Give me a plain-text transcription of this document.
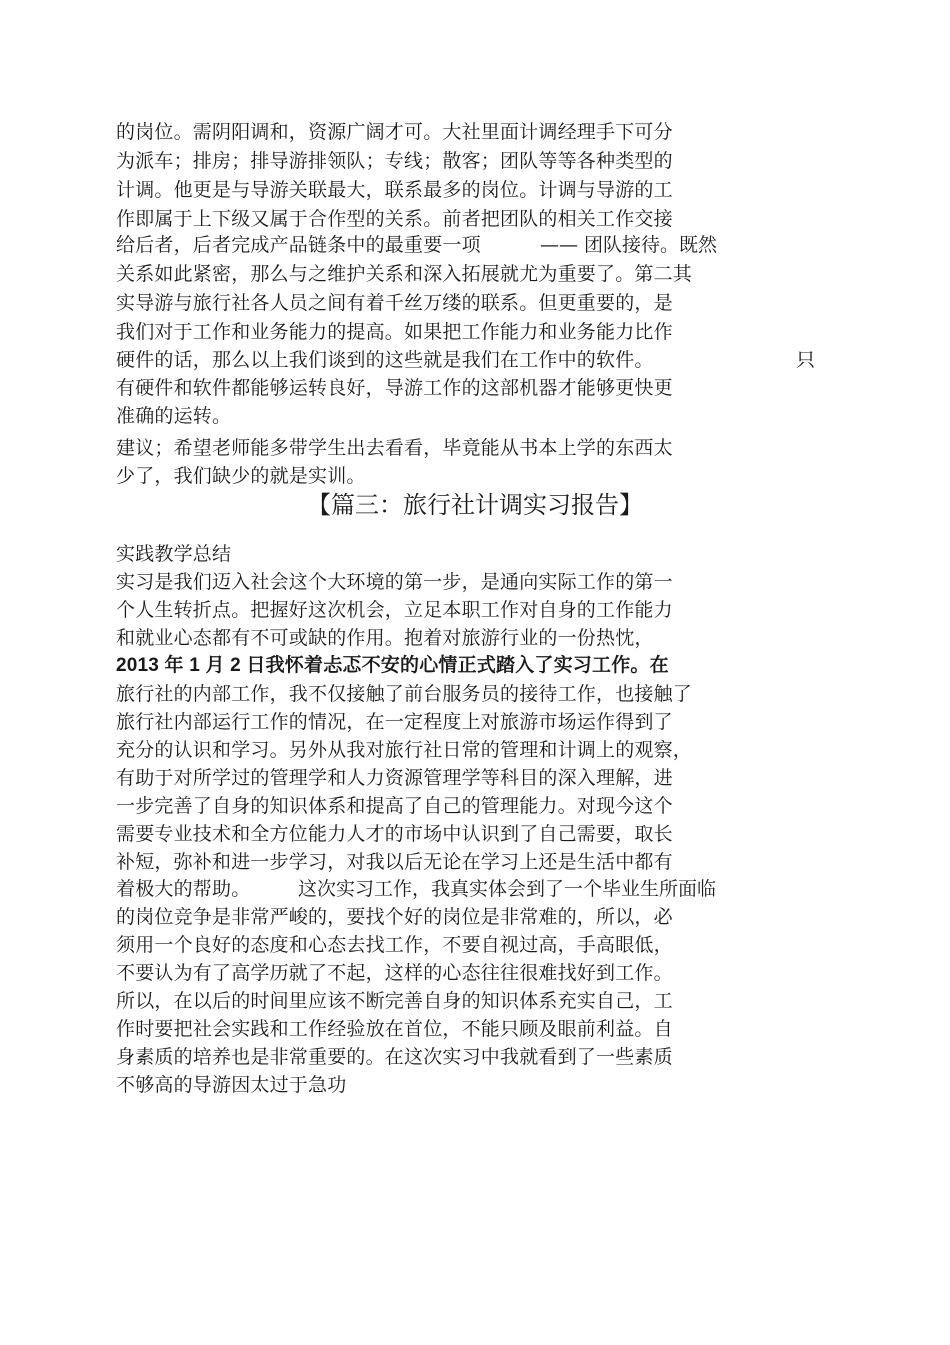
的岗位。需阴阳调和，资源广阔才可。大社里面计调经理手下可分
为派车；排房；排导游排领队；专线；散客；团队等等各种类型的
计调。他更是与导游关联最大，联系最多的岗位。计调与导游的工
作即属于上下级又属于合作型的关系。前者把团队的相关工作交接
给后者，后者完成产品链条中的最重要一项	—— 团队接待。既然
关系如此紧密，那么与之维护关系和深入拓展就尤为重要了。第二其
实导游与旅行社各人员之间有着千丝万缕的联系。但更重要的，是
我们对于工作和业务能力的提高。如果把工作能力和业务能力比作
硬件的话，那么以上我们谈到的这些就是我们在工作中的软件。	只
有硬件和软件都能够运转良好，导游工作的这部机器才能够更快更
准确的运转。
建议；希望老师能多带学生出去看看，毕竟能从书本上学的东西太
少了，我们缺少的就是实训。
【篇三：旅行社计调实习报告】
实践教学总结
实习是我们迈入社会这个大环境的第一步，是通向实际工作的第一
个人生转折点。把握好这次机会，立足本职工作对自身的工作能力
和就业心态都有不可或缺的作用。抱着对旅游行业的一份热忱，
2013 年 1 月 2 日我怀着忐忑不安的心情正式踏入了实习工作。在
旅行社的内部工作，我不仅接触了前台服务员的接待工作，也接触了
旅行社内部运行工作的情况，在一定程度上对旅游市场运作得到了
充分的认识和学习。另外从我对旅行社日常的管理和计调上的观察，
有助于对所学过的管理学和人力资源管理学等科目的深入理解，进
一步完善了自身的知识体系和提高了自己的管理能力。对现今这个
需要专业技术和全方位能力人才的市场中认识到了自己需要，取长
补短，弥补和进一步学习，对我以后无论在学习上还是生活中都有
着极大的帮助。	这次实习工作，我真实体会到了一个毕业生所面临
的岗位竞争是非常严峻的，要找个好的岗位是非常难的，所以，必
须用一个良好的态度和心态去找工作，不要自视过高，手高眼低，
不要认为有了高学历就了不起，这样的心态往往很难找好到工作。
所以，在以后的时间里应该不断完善自身的知识体系充实自己，工
作时要把社会实践和工作经验放在首位，不能只顾及眼前利益。自
身素质的培养也是非常重要的。在这次实习中我就看到了一些素质
不够高的导游因太过于急功
